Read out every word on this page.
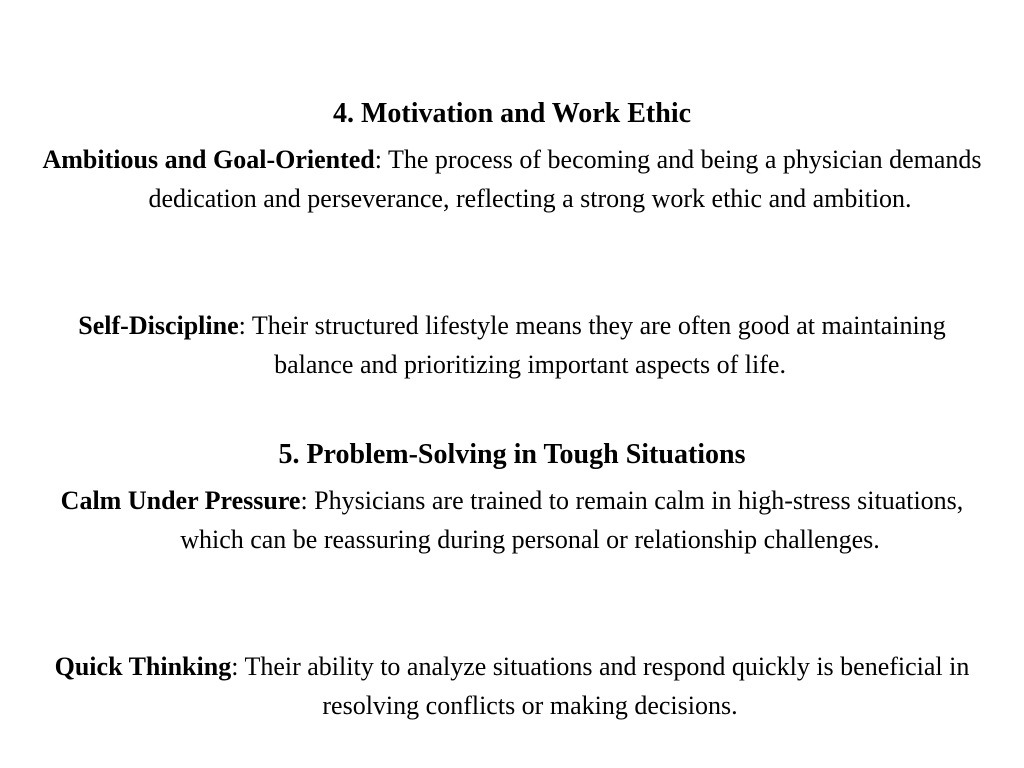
4. Motivation and Work Ethic

Ambitious and Goal-Oriented: The process of becoming and being a physician demands dedication and perseverance, reflecting a strong work ethic and ambition.

Self-Discipline: Their structured lifestyle means they are often good at maintaining balance and prioritizing important aspects of life.

5. Problem-Solving in Tough Situations

Calm Under Pressure: Physicians are trained to remain calm in high-stress situations, which can be reassuring during personal or relationship challenges.

Quick Thinking: Their ability to analyze situations and respond quickly is beneficial in resolving conflicts or making decisions.
